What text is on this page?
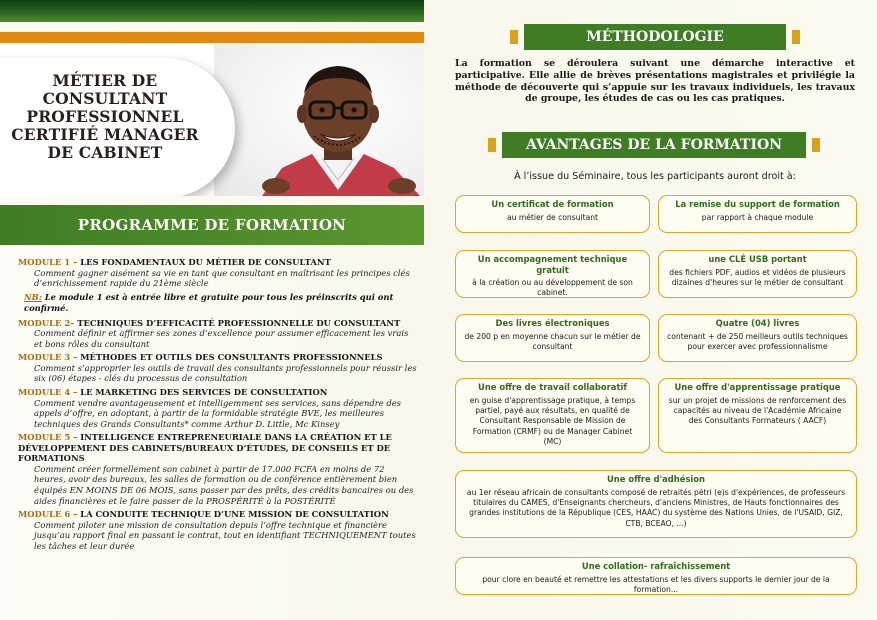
MÉTIER DE CONSULTANT PROFESSIONNEL CERTIFIÉ MANAGER DE CABINET
PROGRAMME DE FORMATION
MODULE 1 – LES FONDAMENTAUX DU MÉTIER DE CONSULTANT
Comment gagner aisément sa vie en tant que consultant en maîtrisant les principes clés d’enrichissement rapide du 21ème siècle
NB: Le module 1 est à entrée libre et gratuite pour tous les préinscrits qui ont confirmé.
MODULE 2– TECHNIQUES D’EFFICACITÉ PROFESSIONNELLE DU CONSULTANT
Comment définir et affirmer ses zones d’excellence pour assumer efficacement les vrais et bons rôles du consultant
MODULE 3 – MÉTHODES ET OUTILS DES CONSULTANTS PROFESSIONNELS
Comment s’approprier les outils de travail des consultants professionnels pour réussir les six (06) étapes - clés du processus de consultation
MODULE 4 – LE MARKETING DES SERVICES DE CONSULTATION
Comment vendre avantageusement et intelligemment ses services, sans dépendre des appels d’offre, en adoptant, à partir de la formidable stratégie BVE, les meilleures techniques des Grands Consultants* comme Arthur D. Little, Mc Kinsey
MODULE 5 – INTELLIGENCE ENTREPRENEURIALE DANS LA CRÉATION ET LE DÉVELOPPEMENT DES CABINETS/BUREAUX D’ÉTUDES, DE CONSEILS ET DE FORMATIONS
Comment créer formellement son cabinet à partir de 17.000 FCFA en moins de 72 heures, avoir des bureaux, les salles de formation ou de conférence entièrement bien équipés EN MOINS DE 06 MOIS, sans passer par des prêts, des crédits bancaires ou des aides financières et le faire passer de la PROSPÉRITÉ à la POSTÉRITÉ
MODULE 6 – LA CONDUITE TECHNIQUE D’UNE MISSION DE CONSULTATION
Comment piloter une mission de consultation depuis l’offre technique et financière jusqu’au rapport final en passant le contrat, tout en identifiant TECHNIQUEMENT toutes les tâches et leur durée
MÉTHODOLOGIE
La formation se déroulera suivant une démarche interactive et participative. Elle allie de brèves présentations magistrales et privilégie la méthode de découverte qui s’appuie sur les travaux individuels, les travaux de groupe, les études de cas ou les cas pratiques.
AVANTAGES DE LA FORMATION
À l’issue du Séminaire, tous les participants auront droit à:
Un certificat de formation
au métier de consultant
La remise du support de formation
par rapport à chaque module
Un accompagnement technique gratuit
à la création ou au développement de son cabinet.
une CLÉ USB portant
des fichiers PDF, audios et vidéos de plusieurs dizaines d'heures sur le métier de consultant
Des livres électroniques
de 200 p en moyenne chacun sur le métier de consultant
Quatre (04) livres
contenant + de 250 meilleurs outils techniques pour exercer avec professionnalisme
Une offre de travail collaboratif
en guise d'apprentissage pratique, à temps partiel, payé aux résultats, en qualité de Consultant Responsable de Mission de Formation (CRMF) ou de Manager Cabinet (MC)
Une offre d'apprentissage pratique
sur un projet de missions de renforcement des capacités au niveau de l'Académie Africaine des Consultants Formateurs ( AACF)
Une offre d'adhésion
au 1er réseau africain de consultants composé de retraités pétri (e)s d'expériences, de professeurs titulaires du CAMES, d'Enseignants chercheurs, d'anciens Ministres, de Hauts fonctionnaires des grandes institutions de la République (CES, HAAC) du système des Nations Unies, de l'USAID, GIZ, CTB, BCEAO, ...)
Une collation- rafraîchissement
pour clore en beauté et remettre les attestations et les divers supports le dernier jour de la formation...
